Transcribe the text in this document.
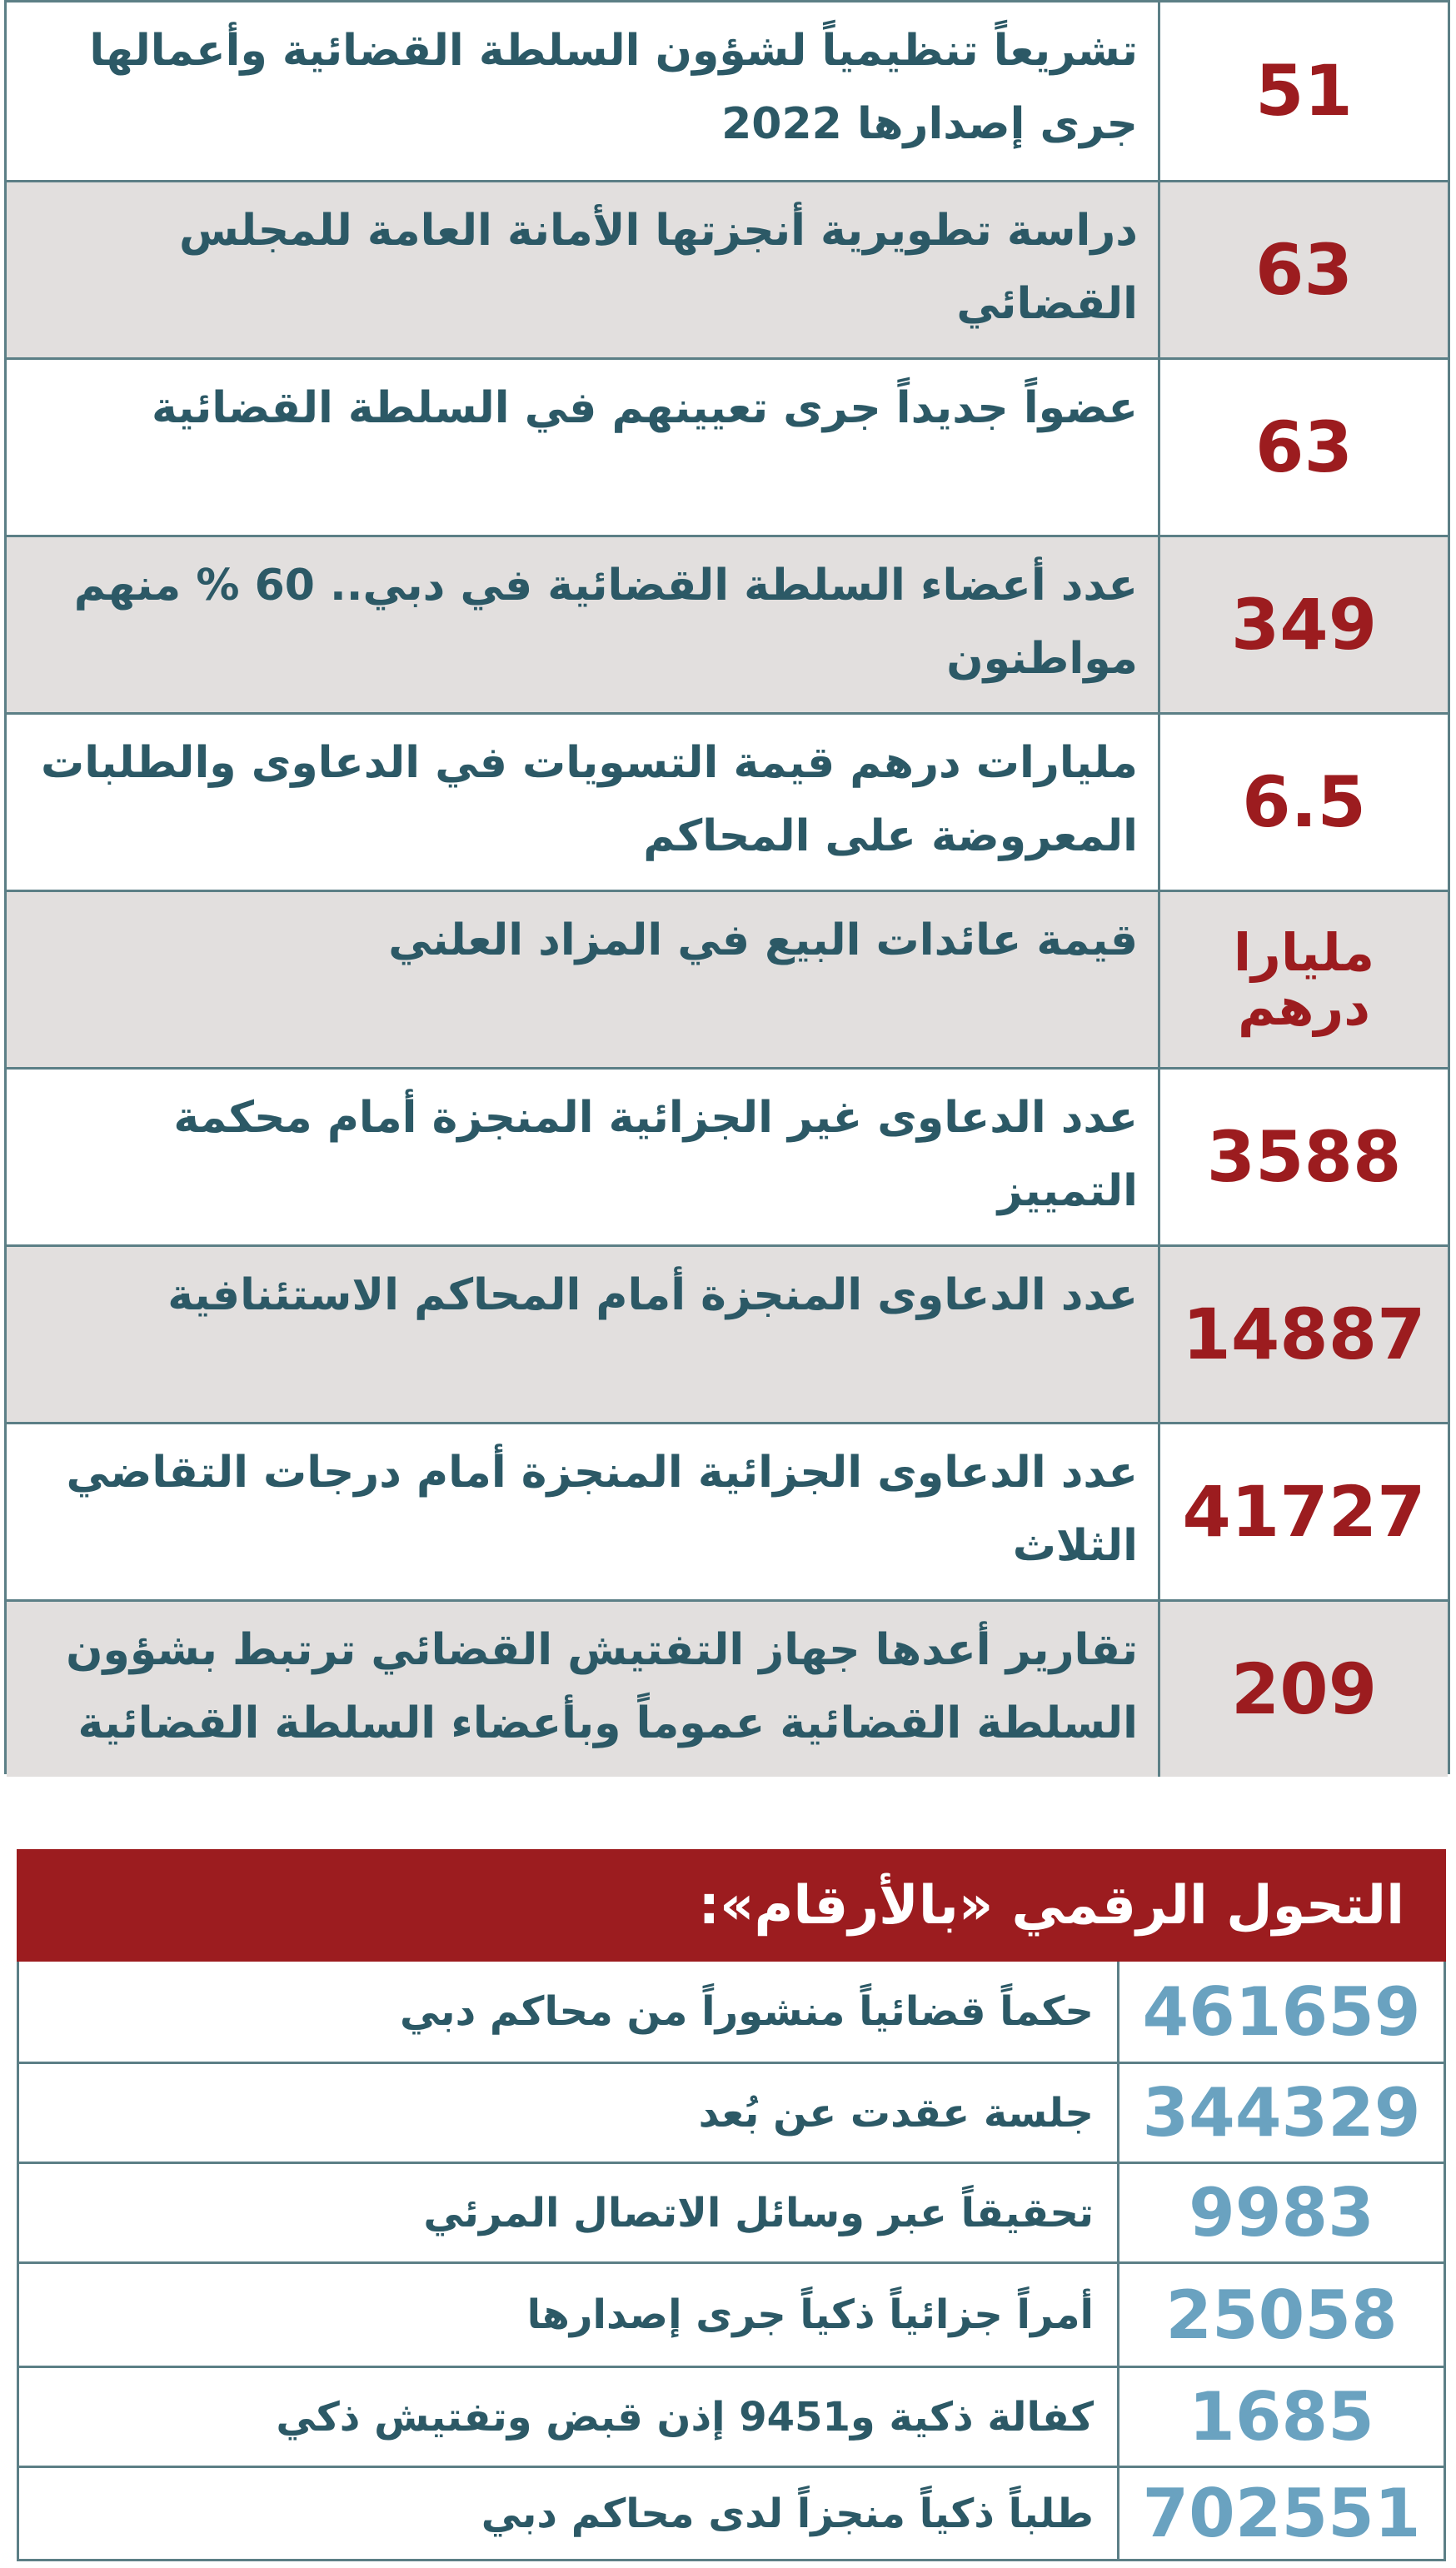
51
تشريعاً تنظيمياً لشؤون السلطة القضائية وأعمالها جرى إصدارها 2022
63
دراسة تطويرية أنجزتها الأمانة العامة للمجلس القضائي
63
عضواً جديداً جرى تعيينهم في السلطة القضائية
349
عدد أعضاء السلطة القضائية في دبي.. 60 % منهم مواطنون
6.5
مليارات درهم قيمة التسويات في الدعاوى والطلبات المعروضة على المحاكم
مليارا درهم
قيمة عائدات البيع في المزاد العلني
3588
عدد الدعاوى غير الجزائية المنجزة أمام محكمة التمييز
14887
عدد الدعاوى المنجزة أمام المحاكم الاستئنافية
41727
عدد الدعاوى الجزائية المنجزة أمام درجات التقاضي الثلاث
209
تقارير أعدها جهاز التفتيش القضائي ترتبط بشؤون السلطة القضائية عموماً وبأعضاء السلطة القضائية
التحول الرقمي «بالأرقام»:
461659
حكماً قضائياً منشوراً من محاكم دبي
344329
جلسة عقدت عن بُعد
9983
تحقيقاً عبر وسائل الاتصال المرئي
25058
أمراً جزائياً ذكياً جرى إصدارها
1685
كفالة ذكية و9451 إذن قبض وتفتيش ذكي
702551
طلباً ذكياً منجزاً لدى محاكم دبي
